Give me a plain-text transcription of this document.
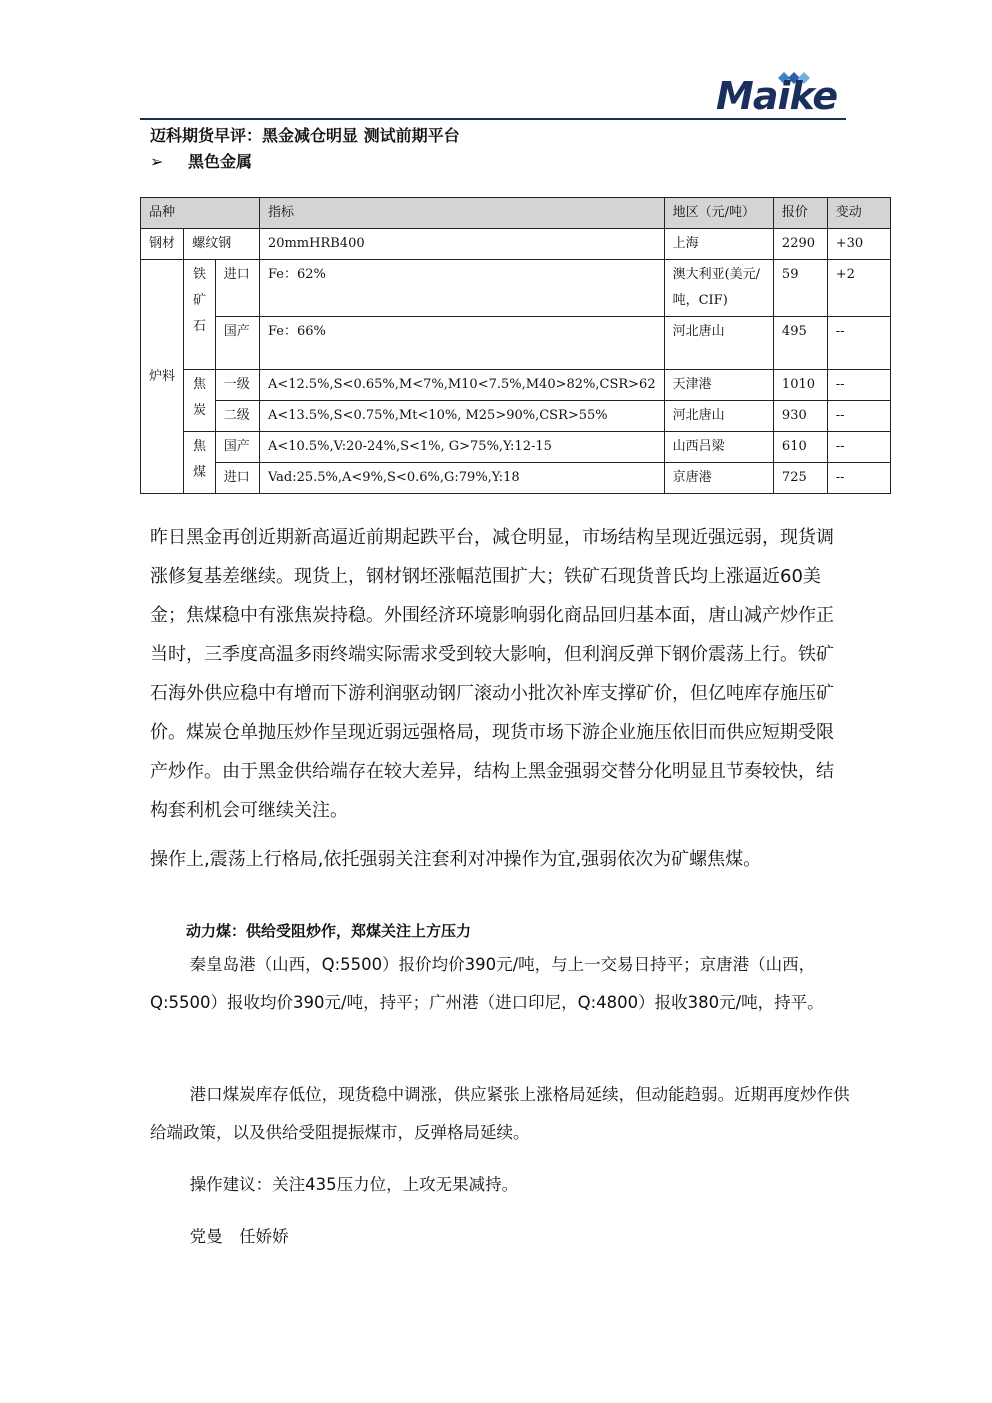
Maike
迈科期货早评：黑金减仓明显 测试前期平台
➢ 黑色金属
品种			指标	地区（元/吨）	报价	变动
钢材	螺纹钢		20mmHRB400	上海	2290	+30
炉料	铁矿石	进口	Fe：62%	澳大利亚(美元/吨，CIF)	59	+2
		国产	Fe：66%	河北唐山	495	--
	焦炭	一级	A<12.5%,S<0.65%,M<7%,M10<7.5%,M40>82%,CSR>62	天津港	1010	--
		二级	A<13.5%,S<0.75%,Mt<10%, M25>90%,CSR>55%	河北唐山	930	--
	焦煤	国产	A<10.5%,V:20-24%,S<1%, G>75%,Y:12-15	山西吕梁	610	--
		进口	Vad:25.5%,A<9%,S<0.6%,G:79%,Y:18	京唐港	725	--

昨日黑金再创近期新高逼近前期起跌平台，减仓明显，市场结构呈现近强远弱，现货调涨修复基差继续。现货上，钢材钢坯涨幅范围扩大；铁矿石现货普氏均上涨逼近60美金；焦煤稳中有涨焦炭持稳。外围经济环境影响弱化商品回归基本面，唐山减产炒作正当时，三季度高温多雨终端实际需求受到较大影响，但利润反弹下钢价震荡上行。铁矿石海外供应稳中有增而下游利润驱动钢厂滚动小批次补库支撑矿价，但亿吨库存施压矿价。煤炭仓单抛压炒作呈现近弱远强格局，现货市场下游企业施压依旧而供应短期受限产炒作。由于黑金供给端存在较大差异，结构上黑金强弱交替分化明显且节奏较快，结构套利机会可继续关注。

操作上,震荡上行格局,依托强弱关注套利对冲操作为宜,强弱依次为矿螺焦煤。

动力煤：供给受阻炒作，郑煤关注上方压力

秦皇岛港（山西，Q:5500）报价均价390元/吨，与上一交易日持平；京唐港（山西，Q:5500）报收均价390元/吨，持平；广州港（进口印尼，Q:4800）报收380元/吨，持平。

港口煤炭库存低位，现货稳中调涨，供应紧张上涨格局延续，但动能趋弱。近期再度炒作供给端政策，以及供给受阻提振煤市，反弹格局延续。

操作建议：关注435压力位，上攻无果减持。

党曼　任娇娇
